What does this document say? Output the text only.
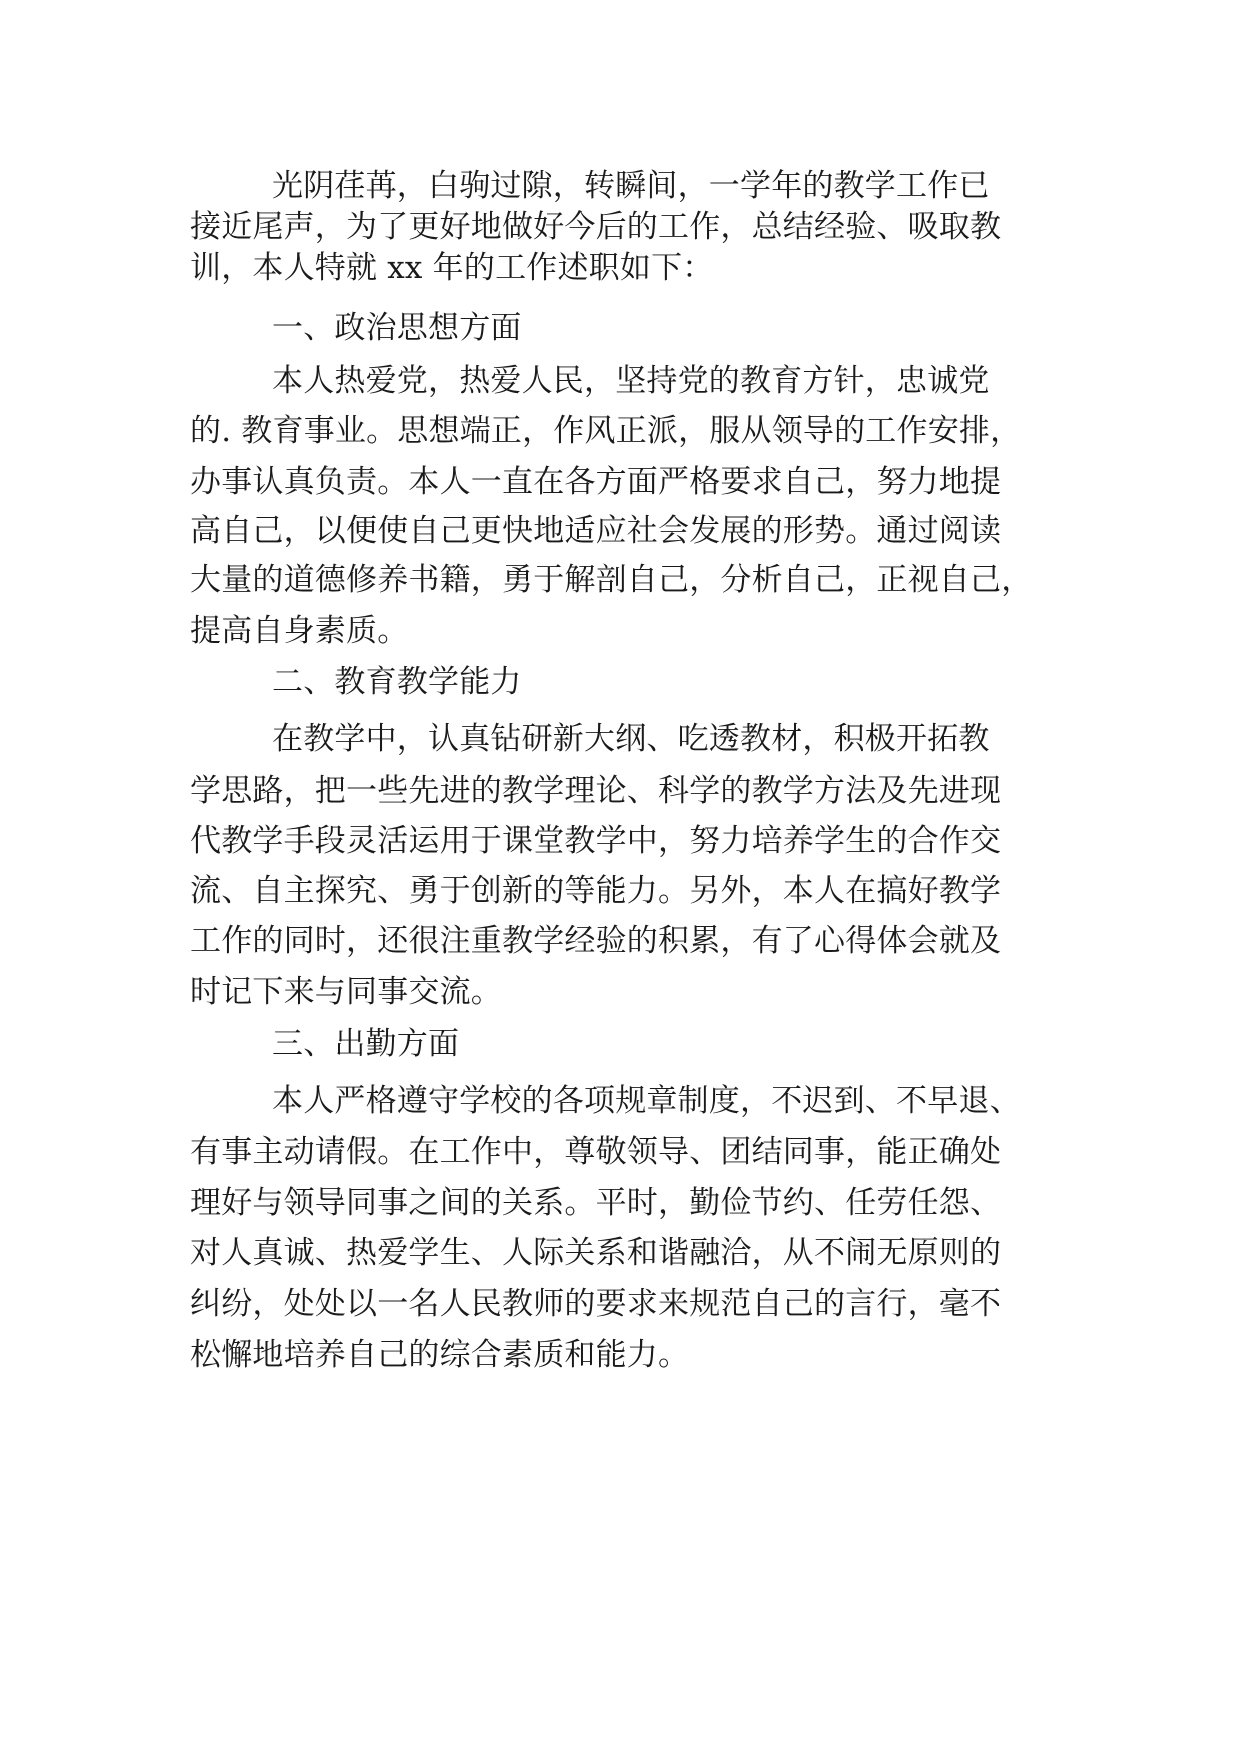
光阴荏苒，白驹过隙，转瞬间，一学年的教学工作已
接近尾声，为了更好地做好今后的工作，总结经验、吸取教
训，本人特就 xx 年的工作述职如下：
一、政治思想方面
本人热爱党，热爱人民，坚持党的教育方针，忠诚党
的. 教育事业。思想端正，作风正派，服从领导的工作安排，
办事认真负责。本人一直在各方面严格要求自己，努力地提
高自己，以便使自己更快地适应社会发展的形势。通过阅读
大量的道德修养书籍，勇于解剖自己，分析自己，正视自己，
提高自身素质。
二、教育教学能力
在教学中，认真钻研新大纲、吃透教材，积极开拓教
学思路，把一些先进的教学理论、科学的教学方法及先进现
代教学手段灵活运用于课堂教学中，努力培养学生的合作交
流、自主探究、勇于创新的等能力。另外，本人在搞好教学
工作的同时，还很注重教学经验的积累，有了心得体会就及
时记下来与同事交流。
三、出勤方面
本人严格遵守学校的各项规章制度，不迟到、不早退、
有事主动请假。在工作中，尊敬领导、团结同事，能正确处
理好与领导同事之间的关系。平时，勤俭节约、任劳任怨、
对人真诚、热爱学生、人际关系和谐融洽，从不闹无原则的
纠纷，处处以一名人民教师的要求来规范自己的言行，毫不
松懈地培养自己的综合素质和能力。
